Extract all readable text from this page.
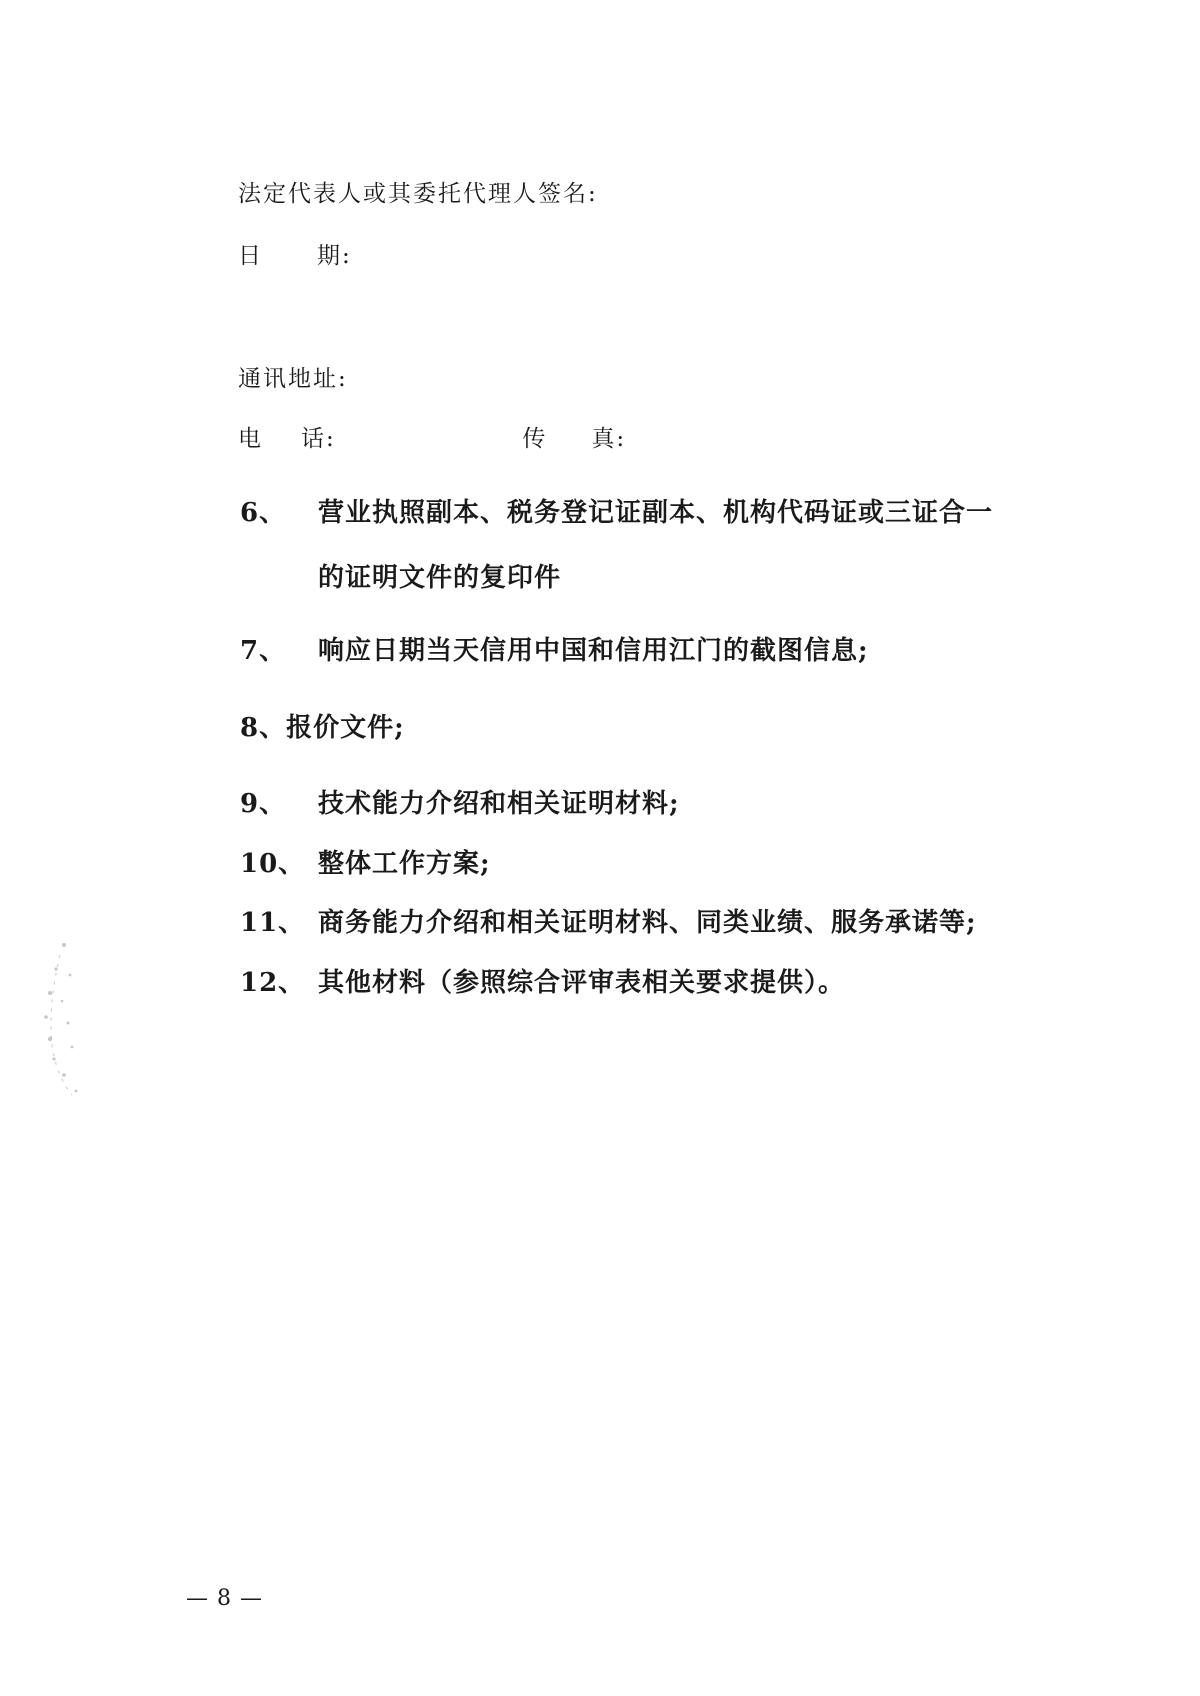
法定代表人或其委托代理人签名:
日 期:
通讯地址:
电 话:	传 真:
6、 营业执照副本、税务登记证副本、机构代码证或三证合一
的证明文件的复印件
7、 响应日期当天信用中国和信用江门的截图信息;
8、报价文件;
9、 技术能力介绍和相关证明材料;
10、 整体工作方案;
11、 商务能力介绍和相关证明材料、同类业绩、服务承诺等;
12、 其他材料（参照综合评审表相关要求提供）。
— 8 —
